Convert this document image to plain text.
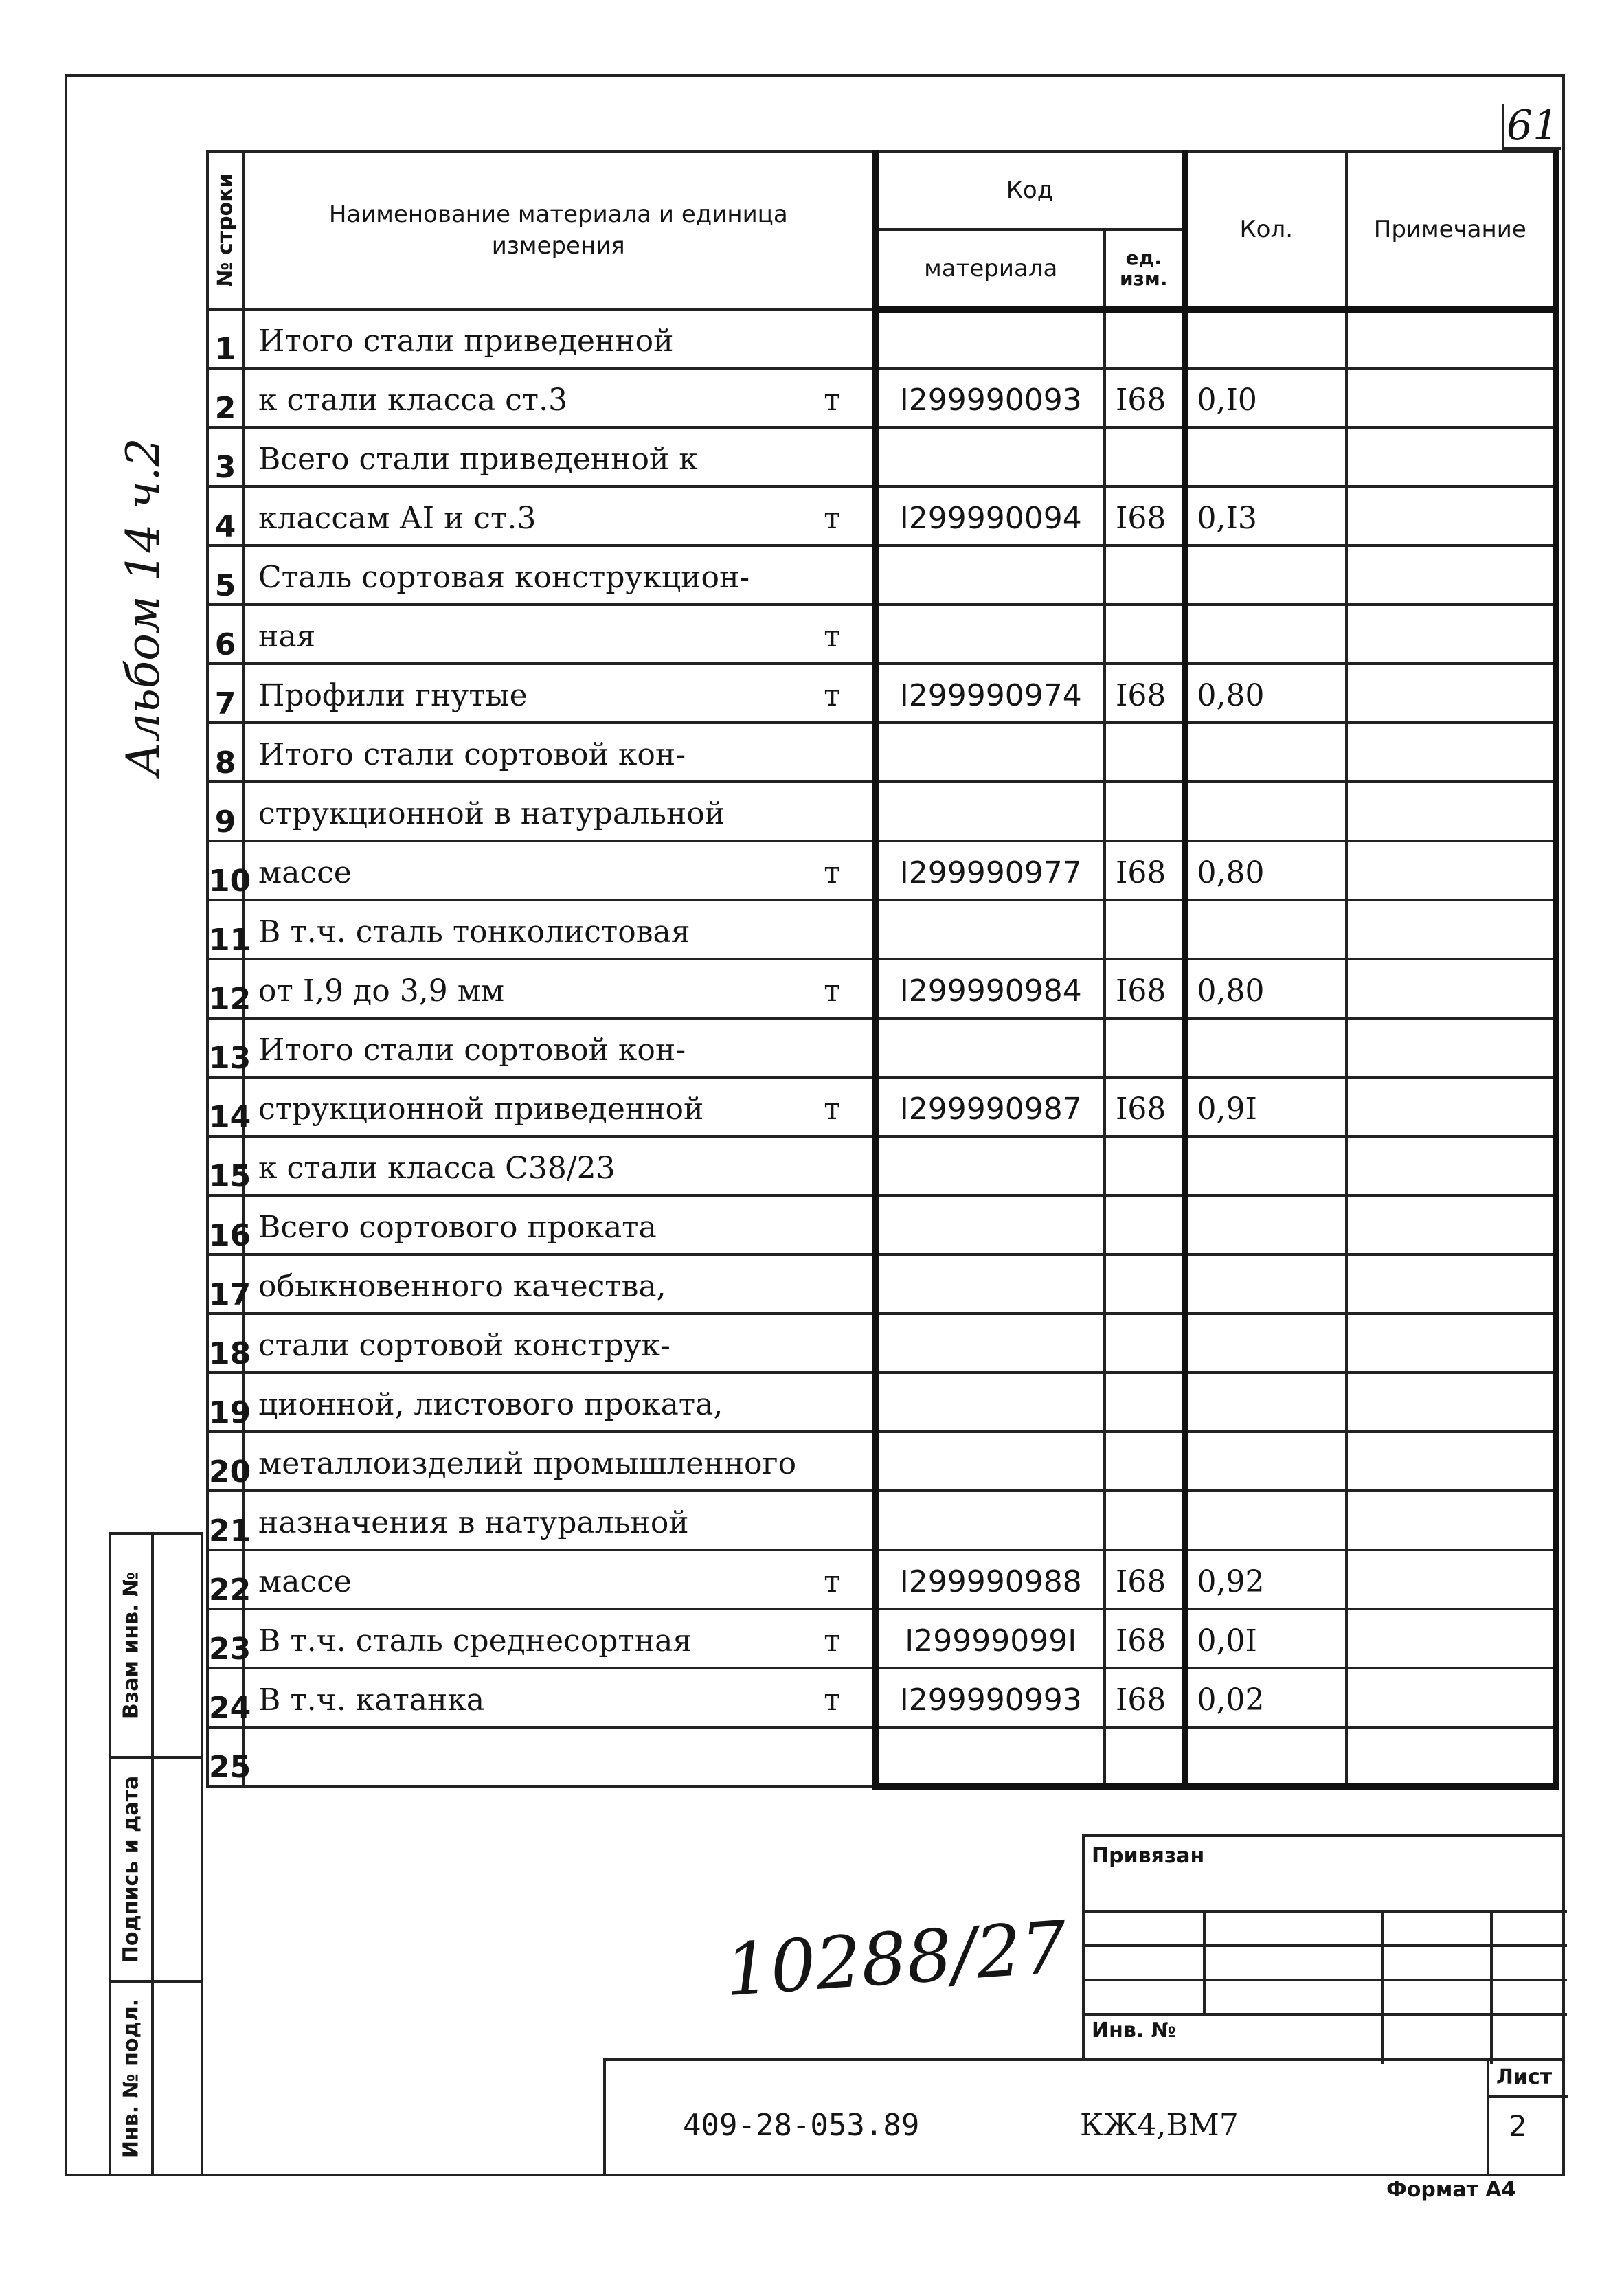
61
Альбом 14 ч.2
№ строки	Наименование материала и единица измерения	Код		Кол.	Примечание
		материала	ед. изм.		
1	Итого стали приведенной

2	к стали класса ст.3 т	I299990093	I68	0,I0	
3	Всего стали приведенной к

4	классам АI и ст.3 т	I299990094	I68	0,I3	
5	Сталь сортовая конструкцион-

6	ная т				

7	Профили гнутые т	I299990974	I68	0,80	
8	Итого стали сортовой кон-

9	струкционной в натуральной

10	массе т	I299990977	I68	0,80	
11	В т.ч. сталь тонколистовая

12	от I,9 до 3,9 мм т	I299990984	I68	0,80	
13	Итого стали сортовой кон-

14	струкционной приведенной т	I299990987	I68	0,9I	
15	к стали класса С38/23

16	Всего сортового проката

17	обыкновенного качества,

18	стали сортовой конструк-

19	ционной, листового проката,

20	металлоизделий промышленного

21	назначения в натуральной

22	массе т	I299990988	I68	0,92	
23	В т.ч. сталь среднесортная т	I29999099I	I68	0,0I	
24	В т.ч. катанка т	I299990993	I68	0,02	
25	

Взам инв. №
Подпись и дата
Инв. № подл.
10288/27
Привязан
Инв. №
409-28-053.89	КЖ4,ВМ7
Лист
2
Формат А4
